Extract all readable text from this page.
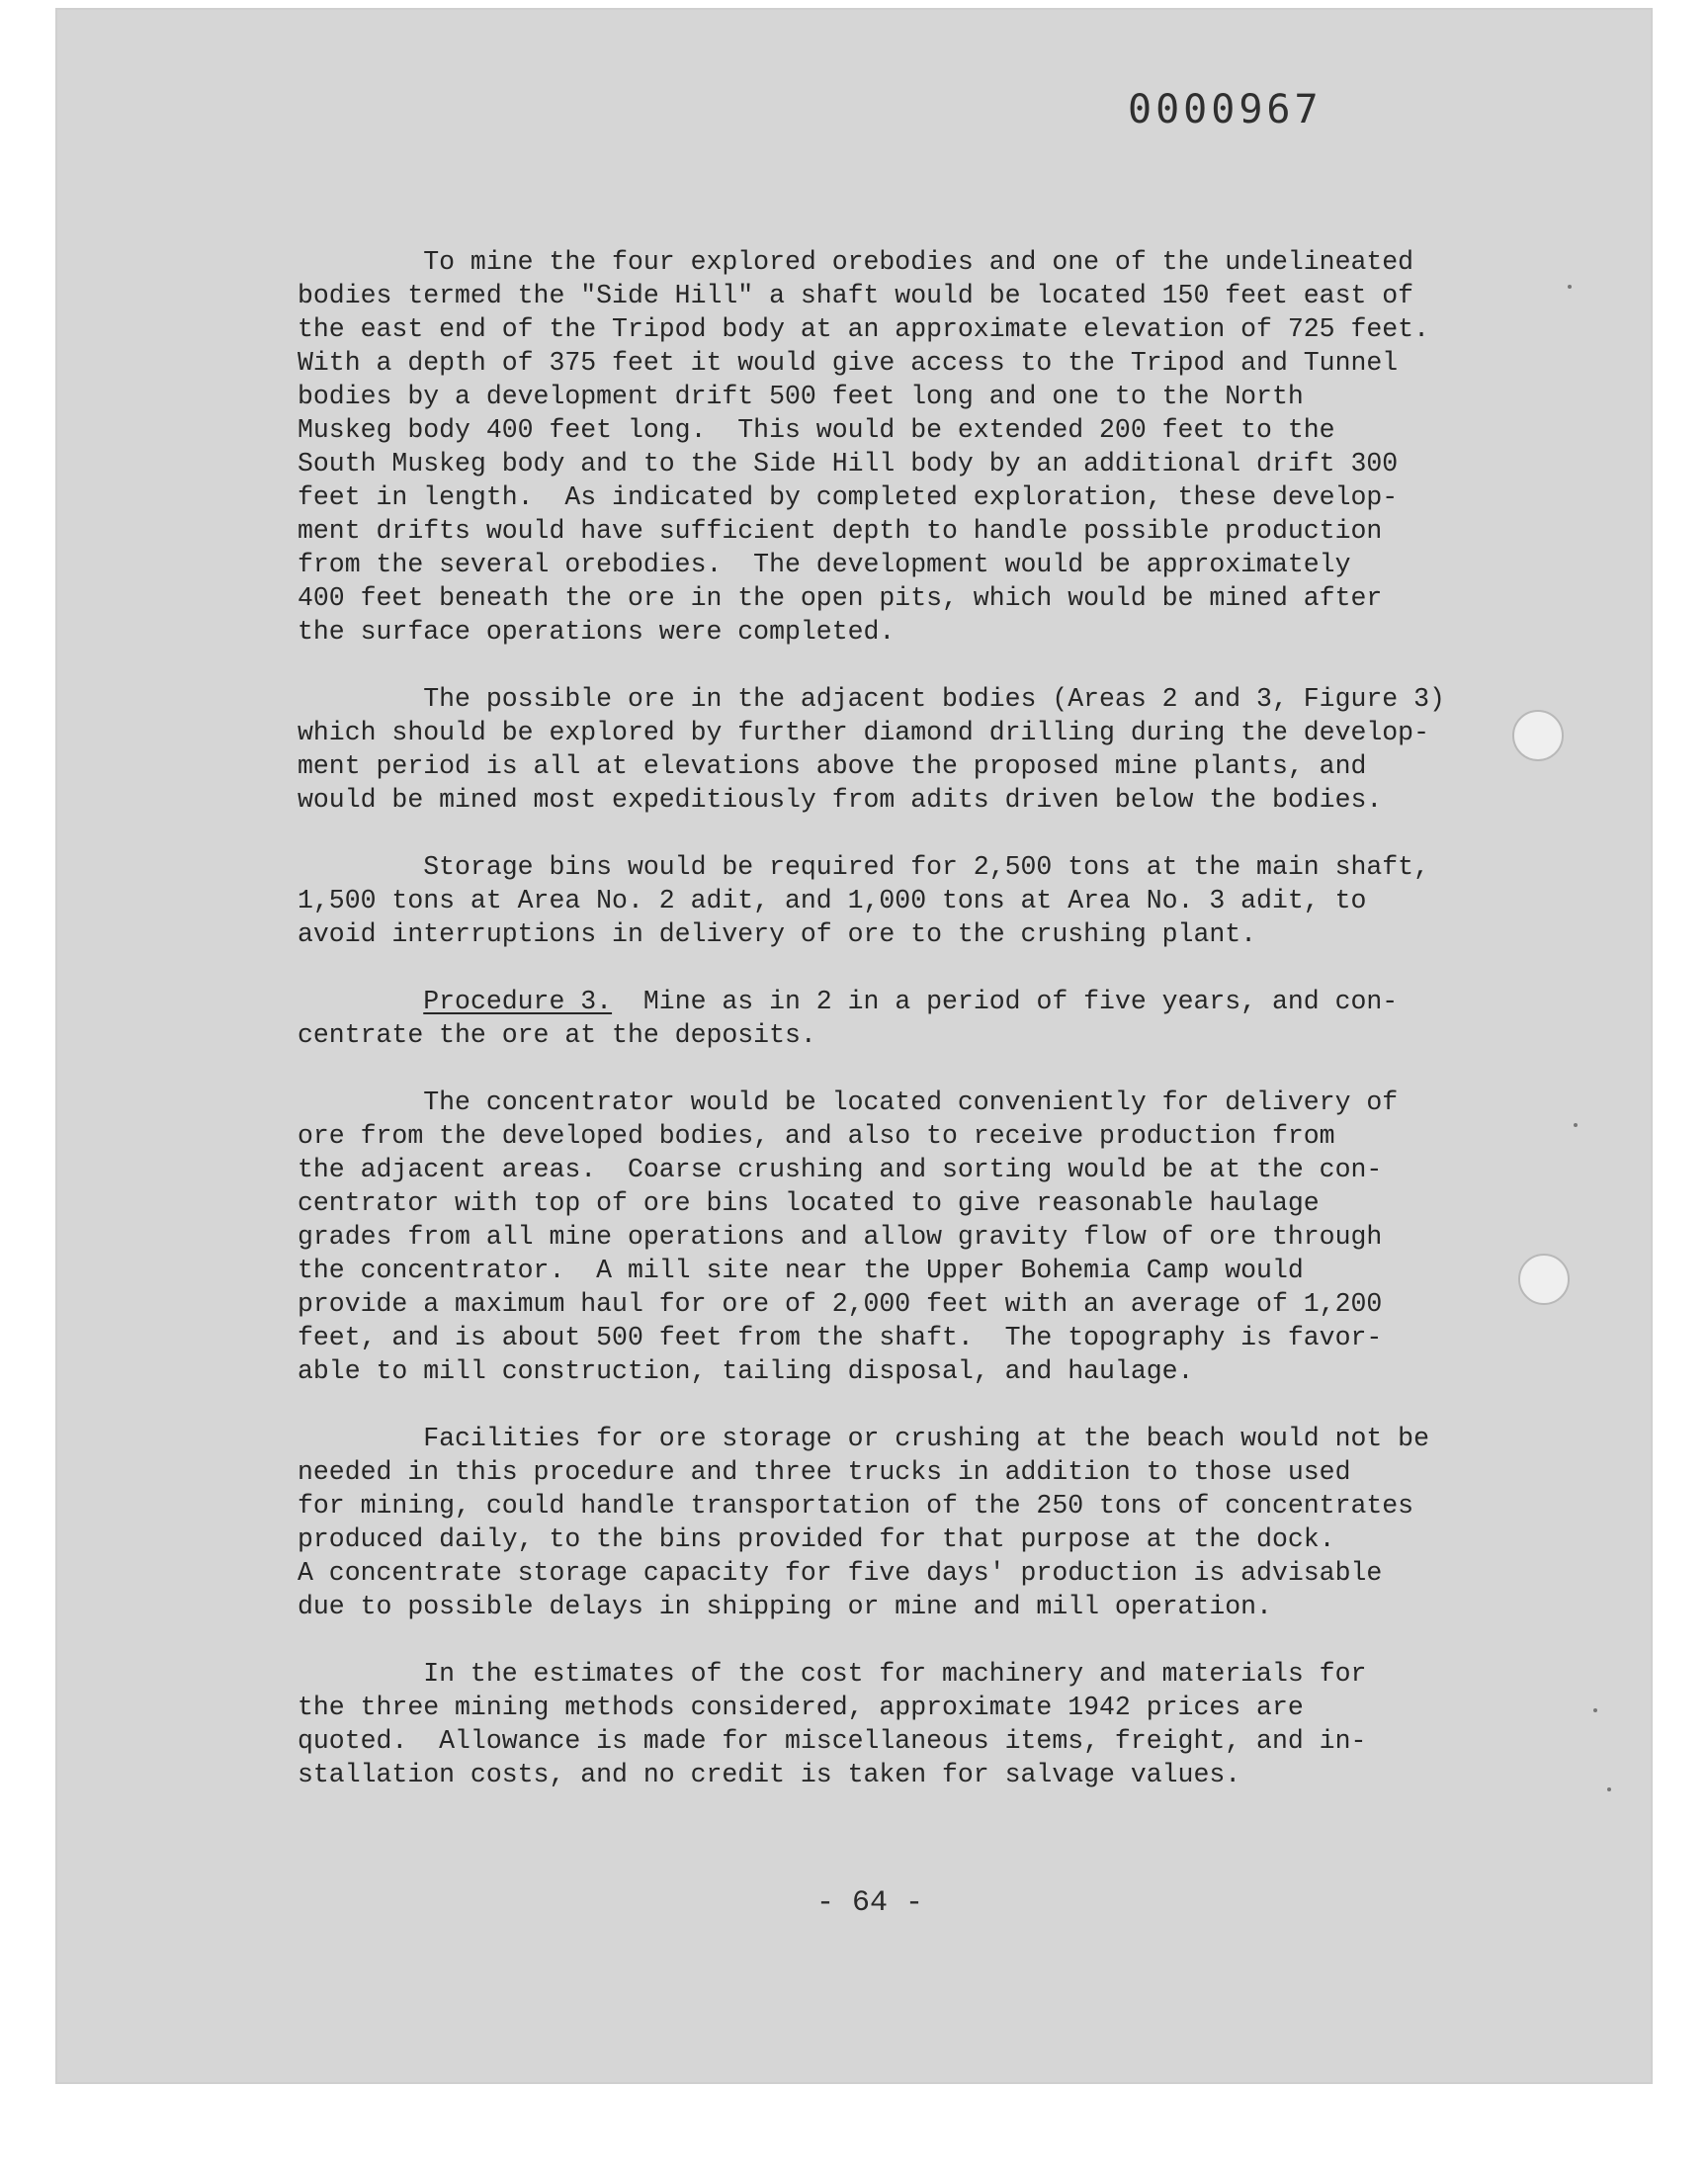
0000967
To mine the four explored orebodies and one of the undelineated
bodies termed the "Side Hill" a shaft would be located 150 feet east of
the east end of the Tripod body at an approximate elevation of 725 feet.
With a depth of 375 feet it would give access to the Tripod and Tunnel
bodies by a development drift 500 feet long and one to the North
Muskeg body 400 feet long.  This would be extended 200 feet to the
South Muskeg body and to the Side Hill body by an additional drift 300
feet in length.  As indicated by completed exploration, these develop-
ment drifts would have sufficient depth to handle possible production
from the several orebodies.  The development would be approximately
400 feet beneath the ore in the open pits, which would be mined after
the surface operations were completed.
The possible ore in the adjacent bodies (Areas 2 and 3, Figure 3)
which should be explored by further diamond drilling during the develop-
ment period is all at elevations above the proposed mine plants, and
would be mined most expeditiously from adits driven below the bodies.
Storage bins would be required for 2,500 tons at the main shaft,
1,500 tons at Area No. 2 adit, and 1,000 tons at Area No. 3 adit, to
avoid interruptions in delivery of ore to the crushing plant.
Procedure 3.  Mine as in 2 in a period of five years, and con-
centrate the ore at the deposits.
The concentrator would be located conveniently for delivery of
ore from the developed bodies, and also to receive production from
the adjacent areas.  Coarse crushing and sorting would be at the con-
centrator with top of ore bins located to give reasonable haulage
grades from all mine operations and allow gravity flow of ore through
the concentrator.  A mill site near the Upper Bohemia Camp would
provide a maximum haul for ore of 2,000 feet with an average of 1,200
feet, and is about 500 feet from the shaft.  The topography is favor-
able to mill construction, tailing disposal, and haulage.
Facilities for ore storage or crushing at the beach would not be
needed in this procedure and three trucks in addition to those used
for mining, could handle transportation of the 250 tons of concentrates
produced daily, to the bins provided for that purpose at the dock.
A concentrate storage capacity for five days' production is advisable
due to possible delays in shipping or mine and mill operation.
In the estimates of the cost for machinery and materials for
the three mining methods considered, approximate 1942 prices are
quoted.  Allowance is made for miscellaneous items, freight, and in-
stallation costs, and no credit is taken for salvage values.
- 64 -
